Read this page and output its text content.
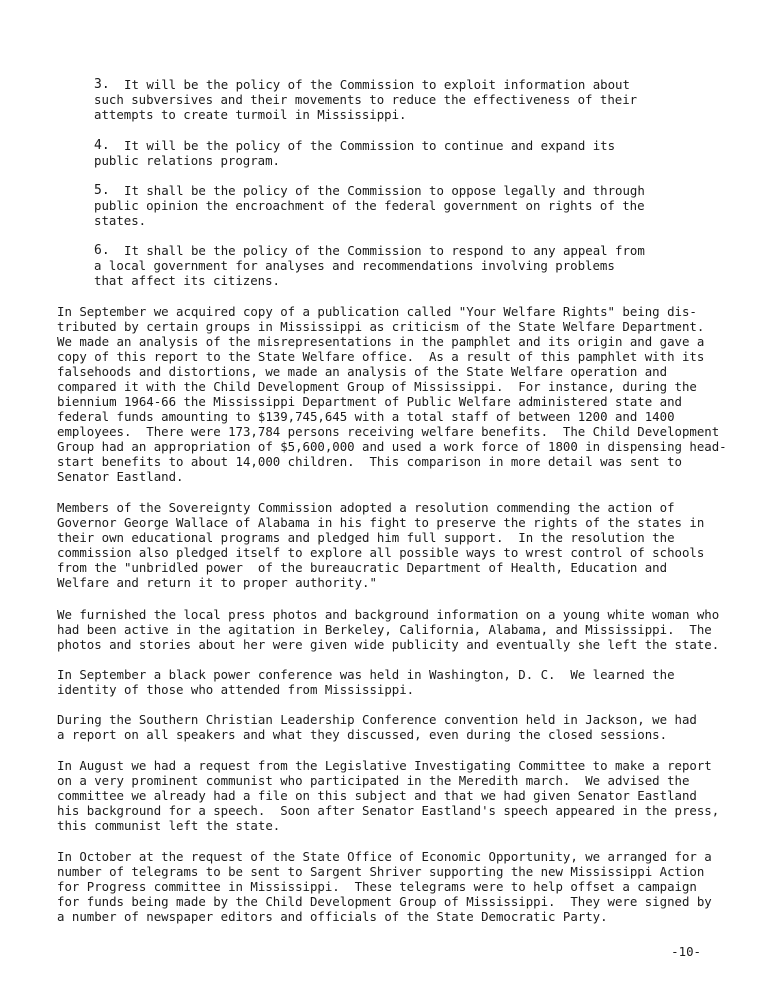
3. It will be the policy of the Commission to exploit information about
such subversives and their movements to reduce the effectiveness of their
attempts to create turmoil in Mississippi.
4. It will be the policy of the Commission to continue and expand its
public relations program.
5. It shall be the policy of the Commission to oppose legally and through
public opinion the encroachment of the federal government on rights of the
states.
6. It shall be the policy of the Commission to respond to any appeal from
a local government for analyses and recommendations involving problems
that affect its citizens.
In September we acquired copy of a publication called "Your Welfare Rights" being dis-
tributed by certain groups in Mississippi as criticism of the State Welfare Department.
We made an analysis of the misrepresentations in the pamphlet and its origin and gave a
copy of this report to the State Welfare office.  As a result of this pamphlet with its
falsehoods and distortions, we made an analysis of the State Welfare operation and
compared it with the Child Development Group of Mississippi.  For instance, during the
biennium 1964-66 the Mississippi Department of Public Welfare administered state and
federal funds amounting to $139,745,645 with a total staff of between 1200 and 1400
employees.  There were 173,784 persons receiving welfare benefits.  The Child Development
Group had an appropriation of $5,600,000 and used a work force of 1800 in dispensing head-
start benefits to about 14,000 children.  This comparison in more detail was sent to
Senator Eastland.
Members of the Sovereignty Commission adopted a resolution commending the action of
Governor George Wallace of Alabama in his fight to preserve the rights of the states in
their own educational programs and pledged him full support.  In the resolution the
commission also pledged itself to explore all possible ways to wrest control of schools
from the "unbridled power  of the bureaucratic Department of Health, Education and
Welfare and return it to proper authority."
We furnished the local press photos and background information on a young white woman who
had been active in the agitation in Berkeley, California, Alabama, and Mississippi.  The
photos and stories about her were given wide publicity and eventually she left the state.
In September a black power conference was held in Washington, D. C.  We learned the
identity of those who attended from Mississippi.
During the Southern Christian Leadership Conference convention held in Jackson, we had
a report on all speakers and what they discussed, even during the closed sessions.
In August we had a request from the Legislative Investigating Committee to make a report
on a very prominent communist who participated in the Meredith march.  We advised the
committee we already had a file on this subject and that we had given Senator Eastland
his background for a speech.  Soon after Senator Eastland's speech appeared in the press,
this communist left the state.
In October at the request of the State Office of Economic Opportunity, we arranged for a
number of telegrams to be sent to Sargent Shriver supporting the new Mississippi Action
for Progress committee in Mississippi.  These telegrams were to help offset a campaign
for funds being made by the Child Development Group of Mississippi.  They were signed by
a number of newspaper editors and officials of the State Democratic Party.
-10-
